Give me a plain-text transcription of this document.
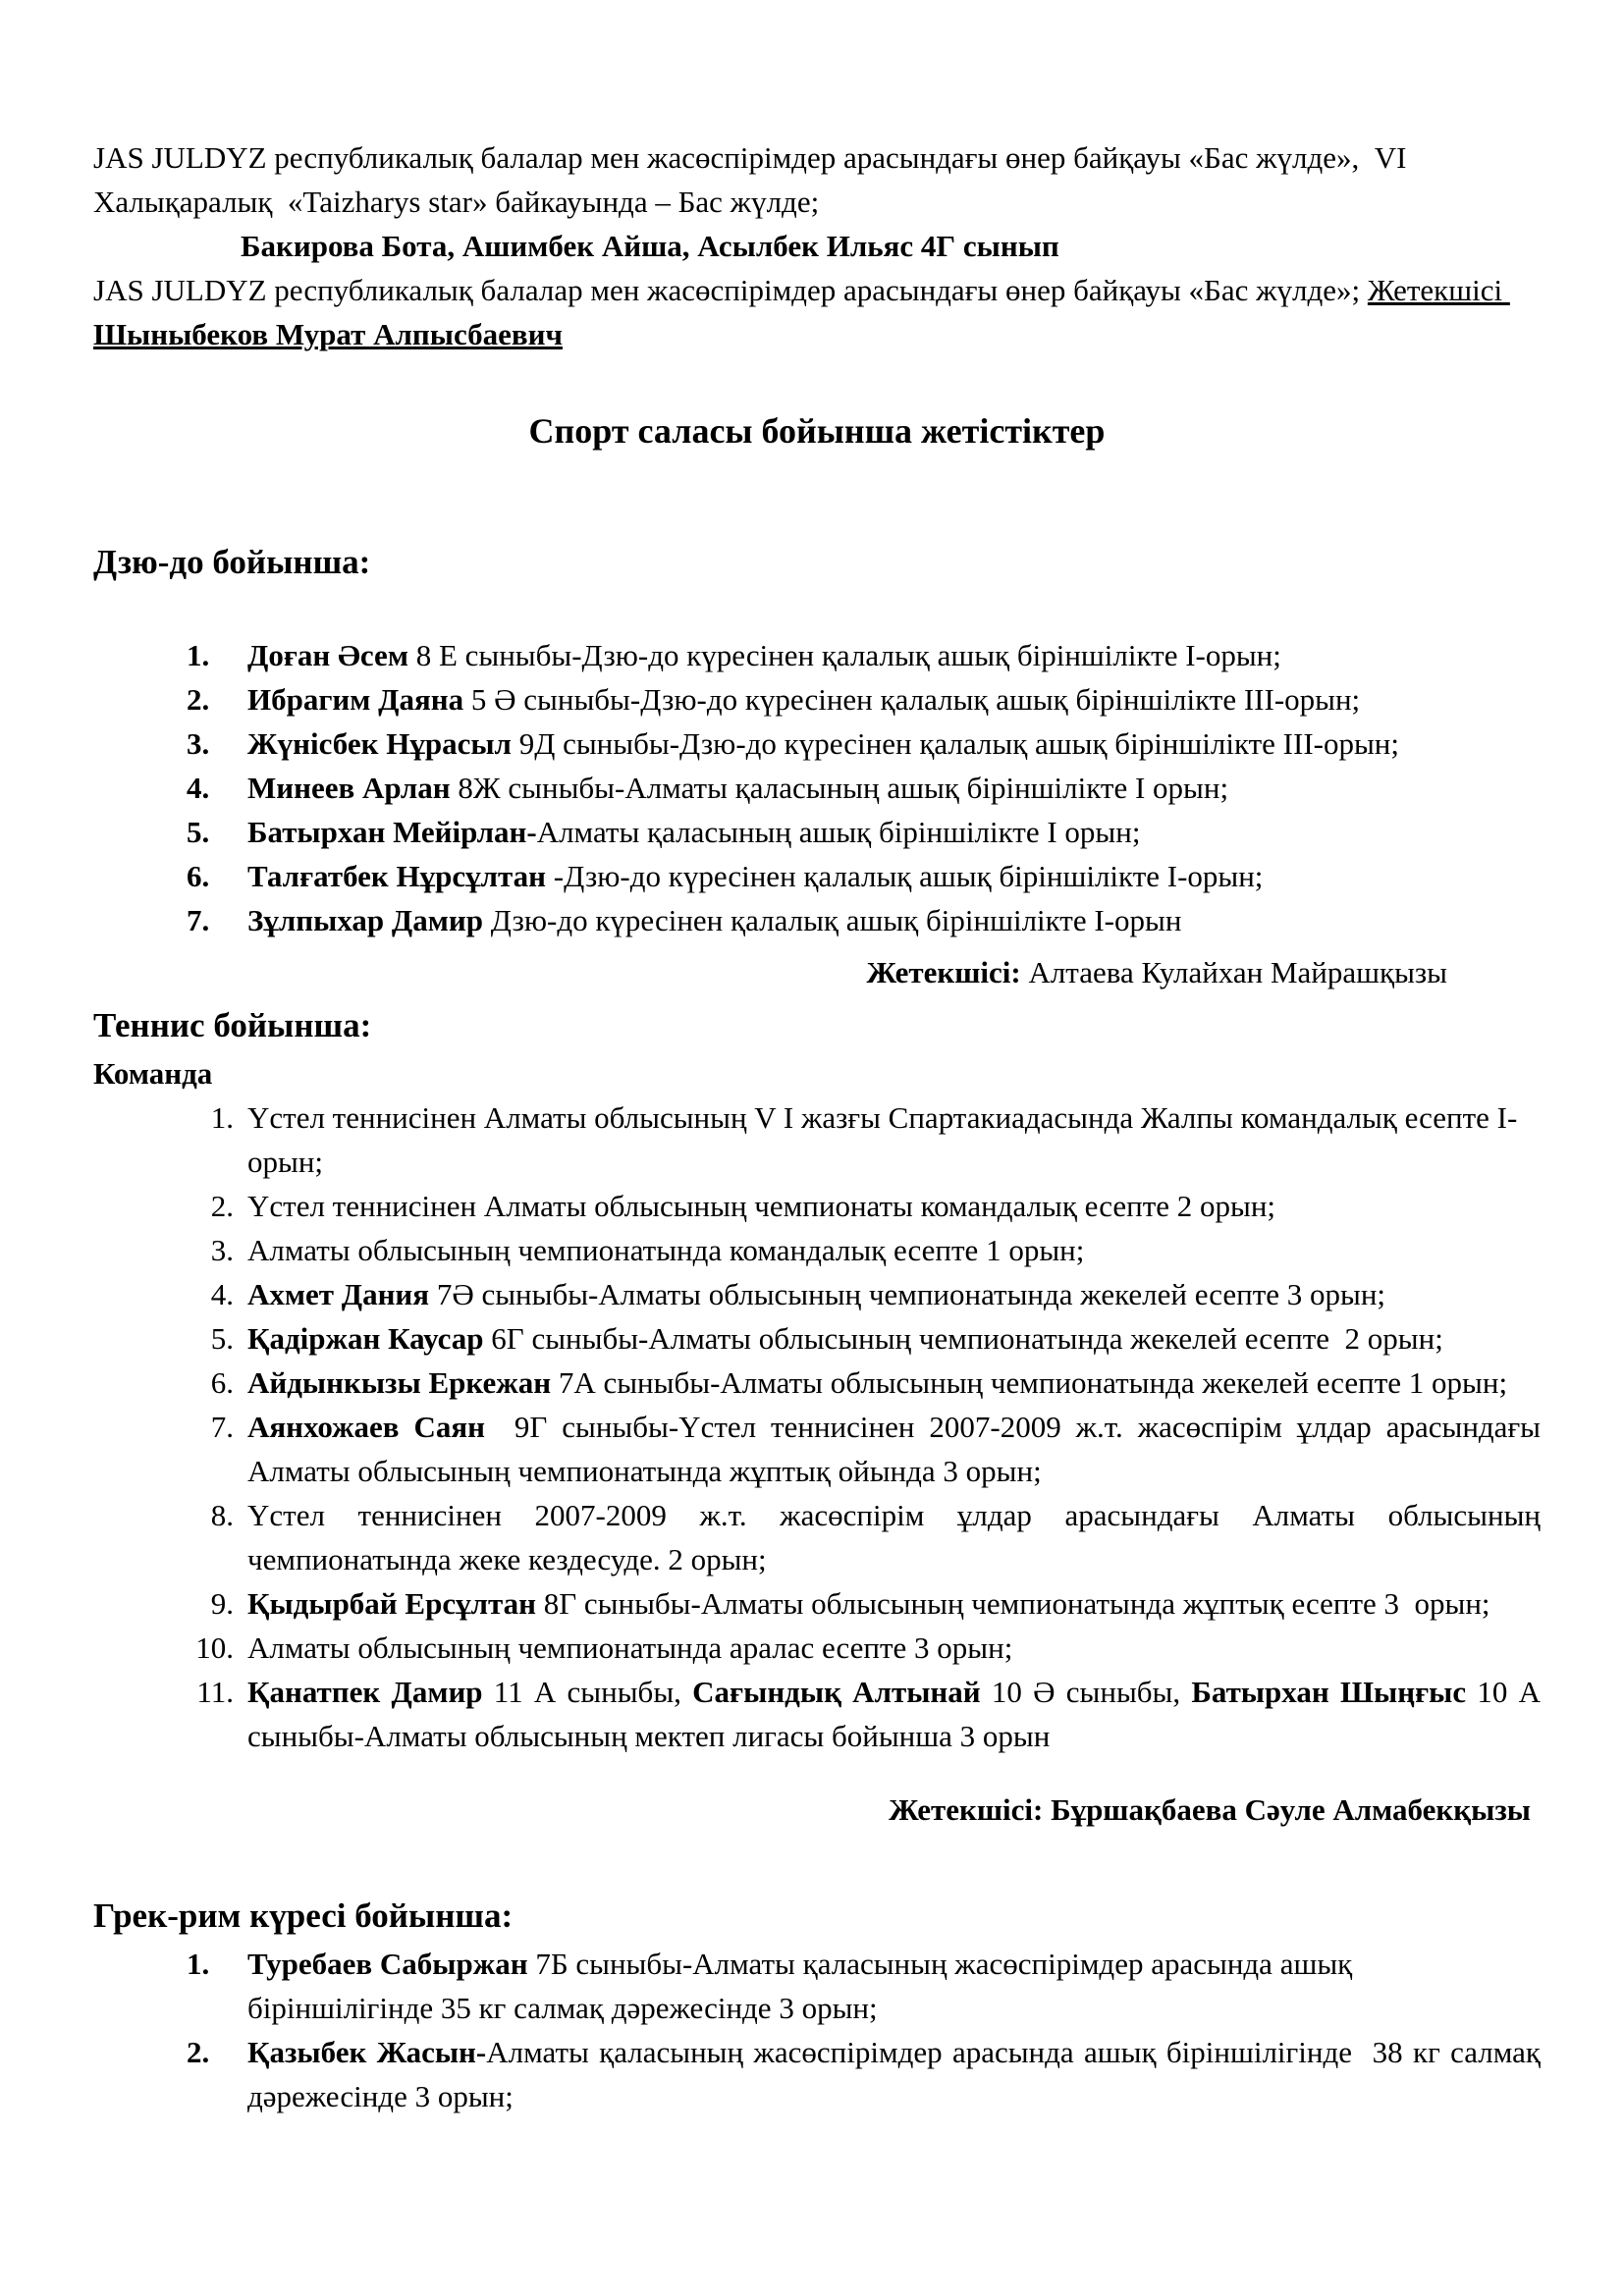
JAS JULDYZ республикалық балалар мен жасөспірімдер арасындағы өнер байқауы «Бас жүлде»,  VI Халықаралық  «Taizharys star» байкауында – Бас жүлде;

Бакирова Бота, Ашимбек Айша, Асылбек Ильяс 4Г сынып

JAS JULDYZ республикалық балалар мен жасөспірімдер арасындағы өнер байқауы «Бас жүлде»; Жетекшісі Шыныбеков Мурат Алпысбаевич

Спорт саласы бойынша жетістіктер

Дзю-до бойынша:

1.	Доған Әсем 8 Е сыныбы-Дзю-до күресінен қалалық ашық біріншілікте I-орын;
2.	Ибрагим Даяна 5 Ә сыныбы-Дзю-до күресінен қалалық ашық біріншілікте III-орын;
3.	Жүнісбек Нұрасыл 9Д сыныбы-Дзю-до күресінен қалалық ашық біріншілікте III-орын;
4.	Минеев Арлан 8Ж сыныбы-Алматы қаласының ашық біріншілікте I орын;
5.	Батырхан Мейірлан-Алматы қаласының ашық біріншілікте I орын;
6.	Талғатбек Нұрсұлтан -Дзю-до күресінен қалалық ашық біріншілікте I-орын;
7.	Зұлпыхар Дамир Дзю-до күресінен қалалық ашық біріншілікте I-орын

Жетекшісі: Алтаева Кулайхан Майрашқызы

Теннис бойынша:

Команда

1. Үстел теннисінен Алматы облысының V I жазғы Спартакиадасында Жалпы командалық есепте I- орын;
2. Үстел теннисінен Алматы облысының чемпионаты командалық есепте 2 орын;
3. Алматы облысының чемпионатында командалық есепте 1 орын;
4. Ахмет Дания 7Ә сыныбы-Алматы облысының чемпионатында жекелей есепте 3 орын;
5. Қадіржан Каусар 6Г сыныбы-Алматы облысының чемпионатында жекелей есепте  2 орын;
6. Айдынкызы Еркежан 7А сыныбы-Алматы облысының чемпионатында жекелей есепте 1 орын;
7. Аянхожаев Саян  9Г сыныбы-Үстел теннисінен 2007-2009 ж.т. жасөспірім ұлдар арасындағы Алматы облысының чемпионатында жұптық ойында 3 орын;
8. Үстел теннисінен 2007-2009 ж.т. жасөспірім ұлдар арасындағы Алматы облысының чемпионатында жеке кездесуде. 2 орын;
9. Қыдырбай Ерсұлтан 8Г сыныбы-Алматы облысының чемпионатында жұптық есепте 3  орын;
10. Алматы облысының чемпионатында аралас есепте 3 орын;
11. Қанатпек Дамир 11 А сыныбы, Сағындық Алтынай 10 Ә сыныбы, Батырхан Шыңғыс 10 А сыныбы-Алматы облысының мектеп лигасы бойынша 3 орын

Жетекшісі: Бұршақбаева Сәуле Алмабекқызы

Грек-рим күресі бойынша:

1.	Туребаев Сабыржан 7Б сыныбы-Алматы қаласының жасөспірімдер арасында ашық біріншілігінде 35 кг салмақ дәрежесінде 3 орын;
2.	Қазыбек Жасын-Алматы қаласының жасөспірімдер арасында ашық біріншілігінде  38 кг салмақ дәрежесінде 3 орын;
